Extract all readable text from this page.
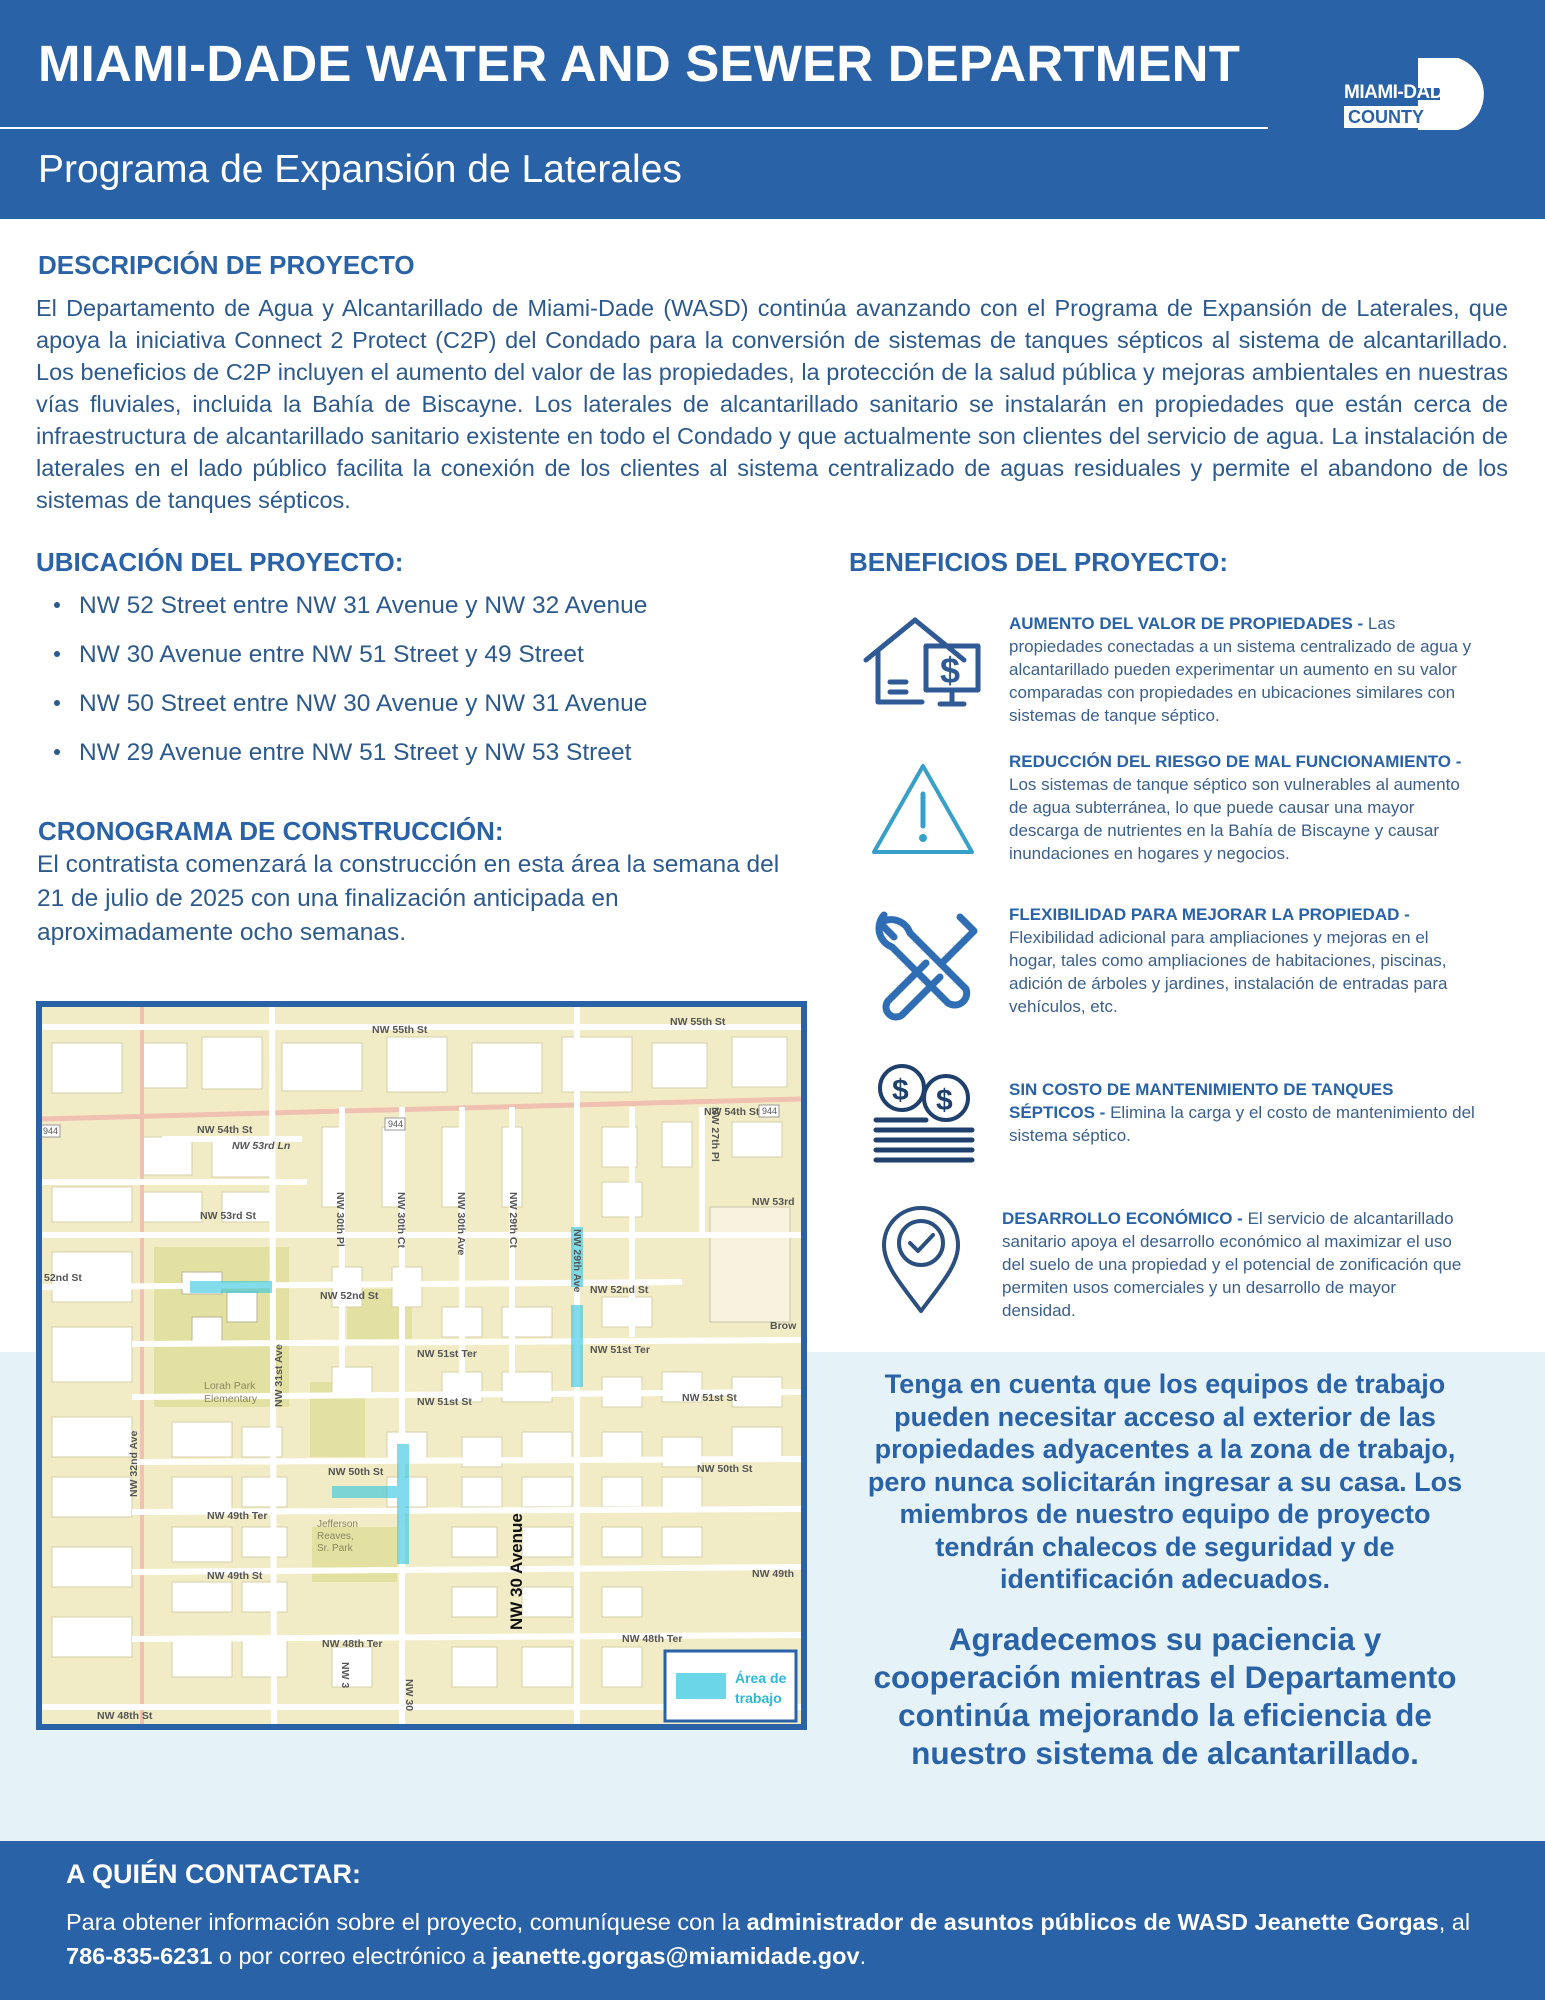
MIAMI-DADE WATER AND SEWER DEPARTMENT
Programa de Expansión de Laterales
MIAMI-DADE
COUNTY
DESCRIPCIÓN DE PROYECTO
El Departamento de Agua y Alcantarillado de Miami-Dade (WASD) continúa avanzando con el Programa de Expansión de Laterales, que apoya la iniciativa Connect 2 Protect (C2P) del Condado para la conversión de sistemas de tanques sépticos al sistema de alcantarillado. Los beneficios de C2P incluyen el aumento del valor de las propiedades, la protección de la salud pública y mejoras ambientales en nuestras vías fluviales, incluida la Bahía de Biscayne. Los laterales de alcantarillado sanitario se instalarán en propiedades que están cerca de infraestructura de alcantarillado sanitario existente en todo el Condado y que actualmente son clientes del servicio de agua. La instalación de laterales en el lado público facilita la conexión de los clientes al sistema centralizado de aguas residuales y permite el abandono de los sistemas de tanques sépticos.
UBICACIÓN DEL PROYECTO:
NW 52 Street entre NW 31 Avenue y NW 32 Avenue
NW 30 Avenue entre NW 51 Street y 49 Street
NW 50 Street entre NW 30 Avenue y NW 31 Avenue
NW 29 Avenue entre NW 51 Street y NW 53 Street
CRONOGRAMA DE CONSTRUCCIÓN:
El contratista comenzará la construcción en esta área la semana del 21 de julio de 2025 con una finalización anticipada en aproximadamente ocho semanas.
NW 55th St
NW 55th St
NW 54th St
NW 54th St
NW 53rd Ln
NW 53rd St
NW 53rd
52nd St
NW 52nd St	NW 52nd St
NW 51st Ter	NW 51st Ter
NW 51st St	NW 51st St
NW 50th St	NW 50th St
NW 49th Ter
NW 49th St	NW 49th
NW 48th Ter	NW 48th Ter
NW 48th St
NW 32nd Ave
NW 31st Ave
NW 30th Pl	NW 30th Ct	NW 30th Ave	NW 29th Ct
NW 29th Ave
NW 27th Pl
NW 30
NW 3
944
944
944
Brow
Lorah Park Elementary
Jefferson Reaves, Sr. Park	NW 30 Avenue
Área de trabajo
BENEFICIOS DEL PROYECTO:
$
AUMENTO DEL VALOR DE PROPIEDADES - Las propiedades conectadas a un sistema centralizado de agua y alcantarillado pueden experimentar un aumento en su valor comparadas con propiedades en ubicaciones similares con sistemas de tanque séptico.
REDUCCIÓN DEL RIESGO DE MAL FUNCIONAMIENTO - Los sistemas de tanque séptico son vulnerables al aumento de agua subterránea, lo que puede causar una mayor descarga de nutrientes en la Bahía de Biscayne y causar inundaciones en hogares y negocios.
FLEXIBILIDAD PARA MEJORAR LA PROPIEDAD - Flexibilidad adicional para ampliaciones y mejoras en el hogar, tales como ampliaciones de habitaciones, piscinas, adición de árboles y jardines, instalación de entradas para vehículos, etc.
$ $	SIN COSTO DE MANTENIMIENTO DE TANQUES SÉPTICOS - Elimina la carga y el costo de mantenimiento del sistema séptico.
DESARROLLO ECONÓMICO - El servicio de alcantarillado sanitario apoya el desarrollo económico al maximizar el uso del suelo de una propiedad y el potencial de zonificación que permiten usos comerciales y un desarrollo de mayor densidad.
Tenga en cuenta que los equipos de trabajo pueden necesitar acceso al exterior de las propiedades adyacentes a la zona de trabajo, pero nunca solicitarán ingresar a su casa. Los miembros de nuestro equipo de proyecto tendrán chalecos de seguridad y de identificación adecuados.
Agradecemos su paciencia y cooperación mientras el Departamento continúa mejorando la eficiencia de nuestro sistema de alcantarillado.
A QUIÉN CONTACTAR:
Para obtener información sobre el proyecto, comuníquese con la administrador de asuntos públicos de WASD Jeanette Gorgas, al 786-835-6231 o por correo electrónico a jeanette.gorgas@miamidade.gov.
